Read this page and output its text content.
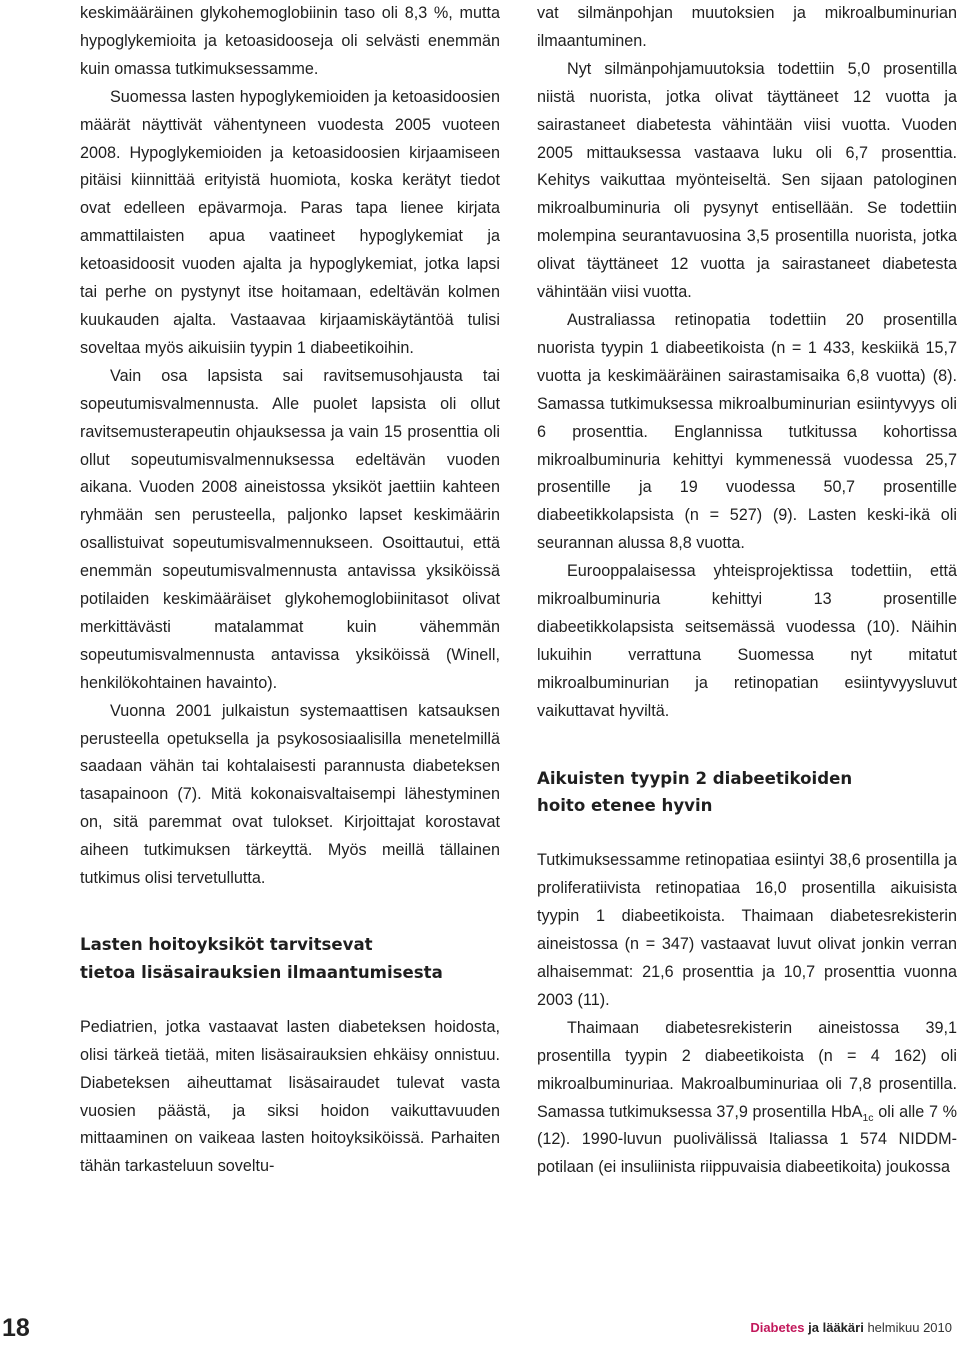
keskimääräinen glykohemoglobiinin taso oli 8,3 %, mutta hypoglykemioita ja ketoasidooseja oli selvästi enemmän kuin omassa tutkimuksessamme.

Suomessa lasten hypoglykemioiden ja ketoasidoosien määrät näyttivät vähentyneen vuodesta 2005 vuoteen 2008. Hypoglykemioiden ja ketoasidoosien kirjaamiseen pitäisi kiinnittää erityistä huomiota, koska kerätyt tiedot ovat edelleen epävarmoja. Paras tapa lienee kirjata ammattilaisten apua vaatineet hypoglykemiat ja ketoasidoosit vuoden ajalta ja hypoglykemiat, jotka lapsi tai perhe on pystynyt itse hoitamaan, edeltävän kolmen kuukauden ajalta. Vastaavaa kirjaamiskäytäntöä tulisi soveltaa myös aikuisiin tyypin 1 diabeetikoihin.

Vain osa lapsista sai ravitsemusohjausta tai sopeutumisvalmennusta. Alle puolet lapsista oli ollut ravitsemusterapeutin ohjauksessa ja vain 15 prosenttia oli ollut sopeutumisvalmennuksessa edeltävän vuoden aikana. Vuoden 2008 aineistossa yksiköt jaettiin kahteen ryhmään sen perusteella, paljonko lapset keskimäärin osallistuivat sopeutumisvalmennukseen. Osoittautui, että enemmän sopeutumisvalmennusta antavissa yksiköissä potilaiden keskimääräiset glykohemoglobiinitasot olivat merkittävästi matalammat kuin vähemmän sopeutumisvalmennusta antavissa yksiköissä (Winell, henkilökohtainen havainto).

Vuonna 2001 julkaistun systemaattisen katsauksen perusteella opetuksella ja psykososiaalisilla menetelmillä saadaan vähän tai kohtalaisesti parannusta diabeteksen tasapainoon (7). Mitä kokonaisvaltaisempi lähestyminen on, sitä paremmat ovat tulokset. Kirjoittajat korostavat aiheen tutkimuksen tärkeyttä. Myös meillä tällainen tutkimus olisi tervetullutta.

Lasten hoitoyksiköt tarvitsevat
tietoa lisäsairauksien ilmaantumisesta

Pediatrien, jotka vastaavat lasten diabeteksen hoidosta, olisi tärkeä tietää, miten lisäsairauksien ehkäisy onnistuu. Diabeteksen aiheuttamat lisäsairaudet tulevat vasta vuosien päästä, ja siksi hoidon vaikuttavuuden mittaaminen on vaikeaa lasten hoitoyksiköissä. Parhaiten tähän tarkasteluun soveltu-

vat silmänpohjan muutoksien ja mikroalbuminurian ilmaantuminen.

Nyt silmänpohjamuutoksia todettiin 5,0 prosentilla niistä nuorista, jotka olivat täyttäneet 12 vuotta ja sairastaneet diabetesta vähintään viisi vuotta. Vuoden 2005 mittauksessa vastaava luku oli 6,7 prosenttia. Kehitys vaikuttaa myönteiseltä. Sen sijaan patologinen mikroalbuminuria oli pysynyt entisellään. Se todettiin molempina seurantavuosina 3,5 prosentilla nuorista, jotka olivat täyttäneet 12 vuotta ja sairastaneet diabetesta vähintään viisi vuotta.

Australiassa retinopatia todettiin 20 prosentilla nuorista tyypin 1 diabeetikoista (n = 1 433, keskiikä 15,7 vuotta ja keskimääräinen sairastamisaika 6,8 vuotta) (8). Samassa tutkimuksessa mikroalbuminurian esiintyvyys oli 6 prosenttia. Englannissa tutkitussa kohortissa mikroalbuminuria kehittyi kymmenessä vuodessa 25,7 prosentille ja 19 vuodessa 50,7 prosentille diabeetikkolapsista (n = 527) (9). Lasten keski-ikä oli seurannan alussa 8,8 vuotta.

Eurooppalaisessa yhteisprojektissa todettiin, että mikroalbuminuria kehittyi 13 prosentille diabeetikkolapsista seitsemässä vuodessa (10). Näihin lukuihin verrattuna Suomessa nyt mitatut mikroalbuminurian ja retinopatian esiintyvyysluvut vaikuttavat hyviltä.

Aikuisten tyypin 2 diabeetikoiden
hoito etenee hyvin

Tutkimuksessamme retinopatiaa esiintyi 38,6 prosentilla ja proliferatiivista retinopatiaa 16,0 prosentilla aikuisista tyypin 1 diabeetikoista. Thaimaan diabetesrekisterin aineistossa (n = 347) vastaavat luvut olivat jonkin verran alhaisemmat: 21,6 prosenttia ja 10,7 prosenttia vuonna 2003 (11).

Thaimaan diabetesrekisterin aineistossa 39,1 prosentilla tyypin 2 diabeetikoista (n = 4 162) oli mikroalbuminuriaa. Makroalbuminuriaa oli 7,8 prosentilla. Samassa tutkimuksessa 37,9 prosentilla HbA$_{1c}$ oli alle 7 % (12). 1990-luvun puolivälissä Italiassa 1 574 NIDDM-potilaan (ei insuliinista riippuvaisia diabeetikoita) joukossa

18	Diabetes ja lääkäri helmikuu 2010
